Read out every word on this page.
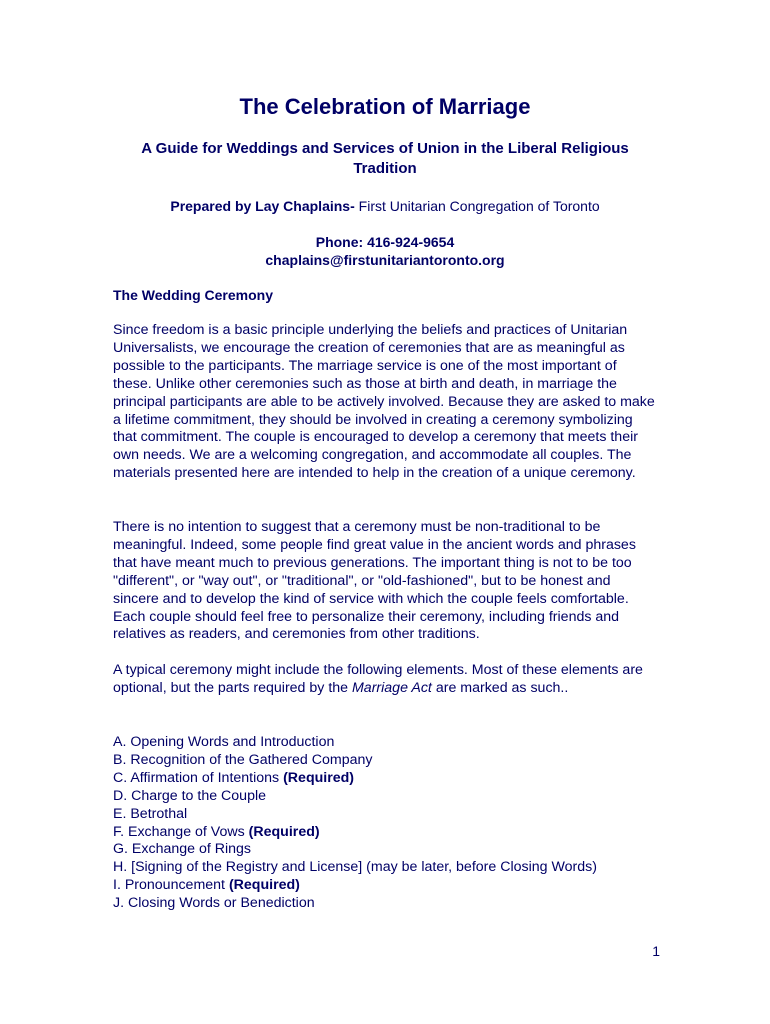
The Celebration of Marriage
A Guide for Weddings and Services of Union in the Liberal Religious Tradition
Prepared by Lay Chaplains- First Unitarian Congregation of Toronto
Phone: 416-924-9654
chaplains@firstunitariantoronto.org
The Wedding Ceremony

Since freedom is a basic principle underlying the beliefs and practices of Unitarian Universalists, we encourage the creation of ceremonies that are as meaningful as possible to the participants. The marriage service is one of the most important of these. Unlike other ceremonies such as those at birth and death, in marriage the principal participants are able to be actively involved. Because they are asked to make a lifetime commitment, they should be involved in creating a ceremony symbolizing that commitment. The couple is encouraged to develop a ceremony that meets their own needs. We are a welcoming congregation, and accommodate all couples. The materials presented here are intended to help in the creation of a unique ceremony.

There is no intention to suggest that a ceremony must be non-traditional to be meaningful. Indeed, some people find great value in the ancient words and phrases that have meant much to previous generations. The important thing is not to be too "different", or "way out", or "traditional", or "old-fashioned", but to be honest and sincere and to develop the kind of service with which the couple feels comfortable. Each couple should feel free to personalize their ceremony, including friends and relatives as readers, and ceremonies from other traditions.

A typical ceremony might include the following elements. Most of these elements are optional, but the parts required by the Marriage Act are marked as such..

A. Opening Words and Introduction
B. Recognition of the Gathered Company
C. Affirmation of Intentions (Required)
D. Charge to the Couple
E. Betrothal
F. Exchange of Vows (Required)
G. Exchange of Rings
H. [Signing of the Registry and License] (may be later, before Closing Words)
I. Pronouncement (Required)
J. Closing Words or Benediction
1
